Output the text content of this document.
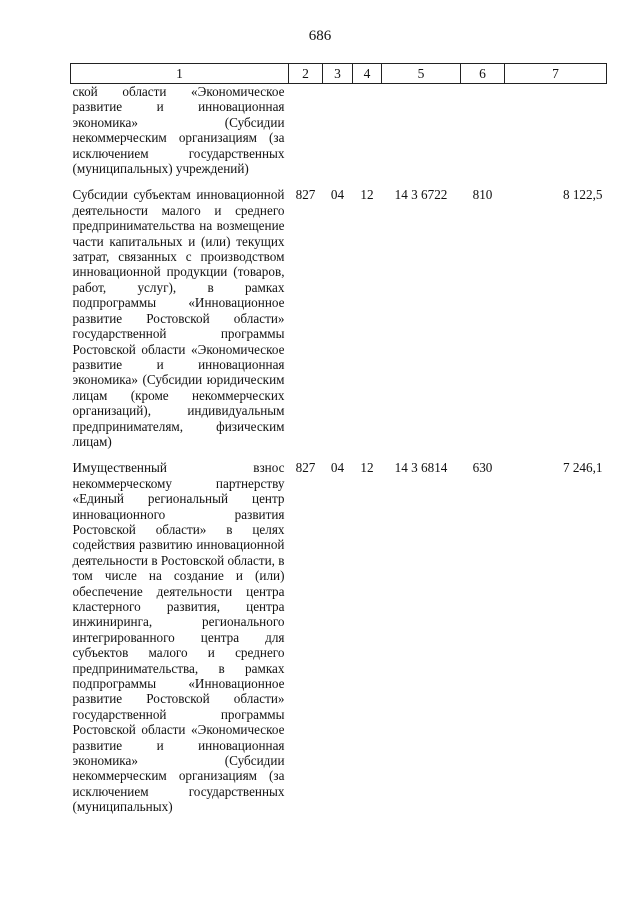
686
1	2	3	4	5	6	7
ской области «Экономическое развитие и инновационная экономика» (Субсидии некоммерческим организациям (за исключением государственных (муниципальных) учреждений)						
Субсидии субъектам инновационной деятельности малого и среднего предпринимательства на возмещение части капитальных и (или) текущих затрат, связанных с производством инновационной продукции (товаров, работ, услуг), в рамках подпрограммы «Инновационное развитие Ростовской области» государственной программы Ростовской области «Экономическое развитие и инновационная экономика» (Субсидии юридическим лицам (кроме некоммерческих организаций), индивидуальным предпринимателям, физическим лицам)	827	04	12	14 3 6722	810	8 122,5
Имущественный взнос некоммерческому партнерству «Единый региональный центр инновационного развития Ростовской области» в целях содействия развитию инновационной деятельности в Ростовской области, в том числе на создание и (или) обеспечение деятельности центра кластерного развития, центра инжиниринга, регионального интегрированного центра для субъектов малого и среднего предпринимательства, в рамках подпрограммы «Инновационное развитие Ростовской области» государственной программы Ростовской области «Экономическое развитие и инновационная экономика» (Субсидии некоммерческим организациям (за исключением государственных (муниципальных)	827	04	12	14 3 6814	630	7 246,1
